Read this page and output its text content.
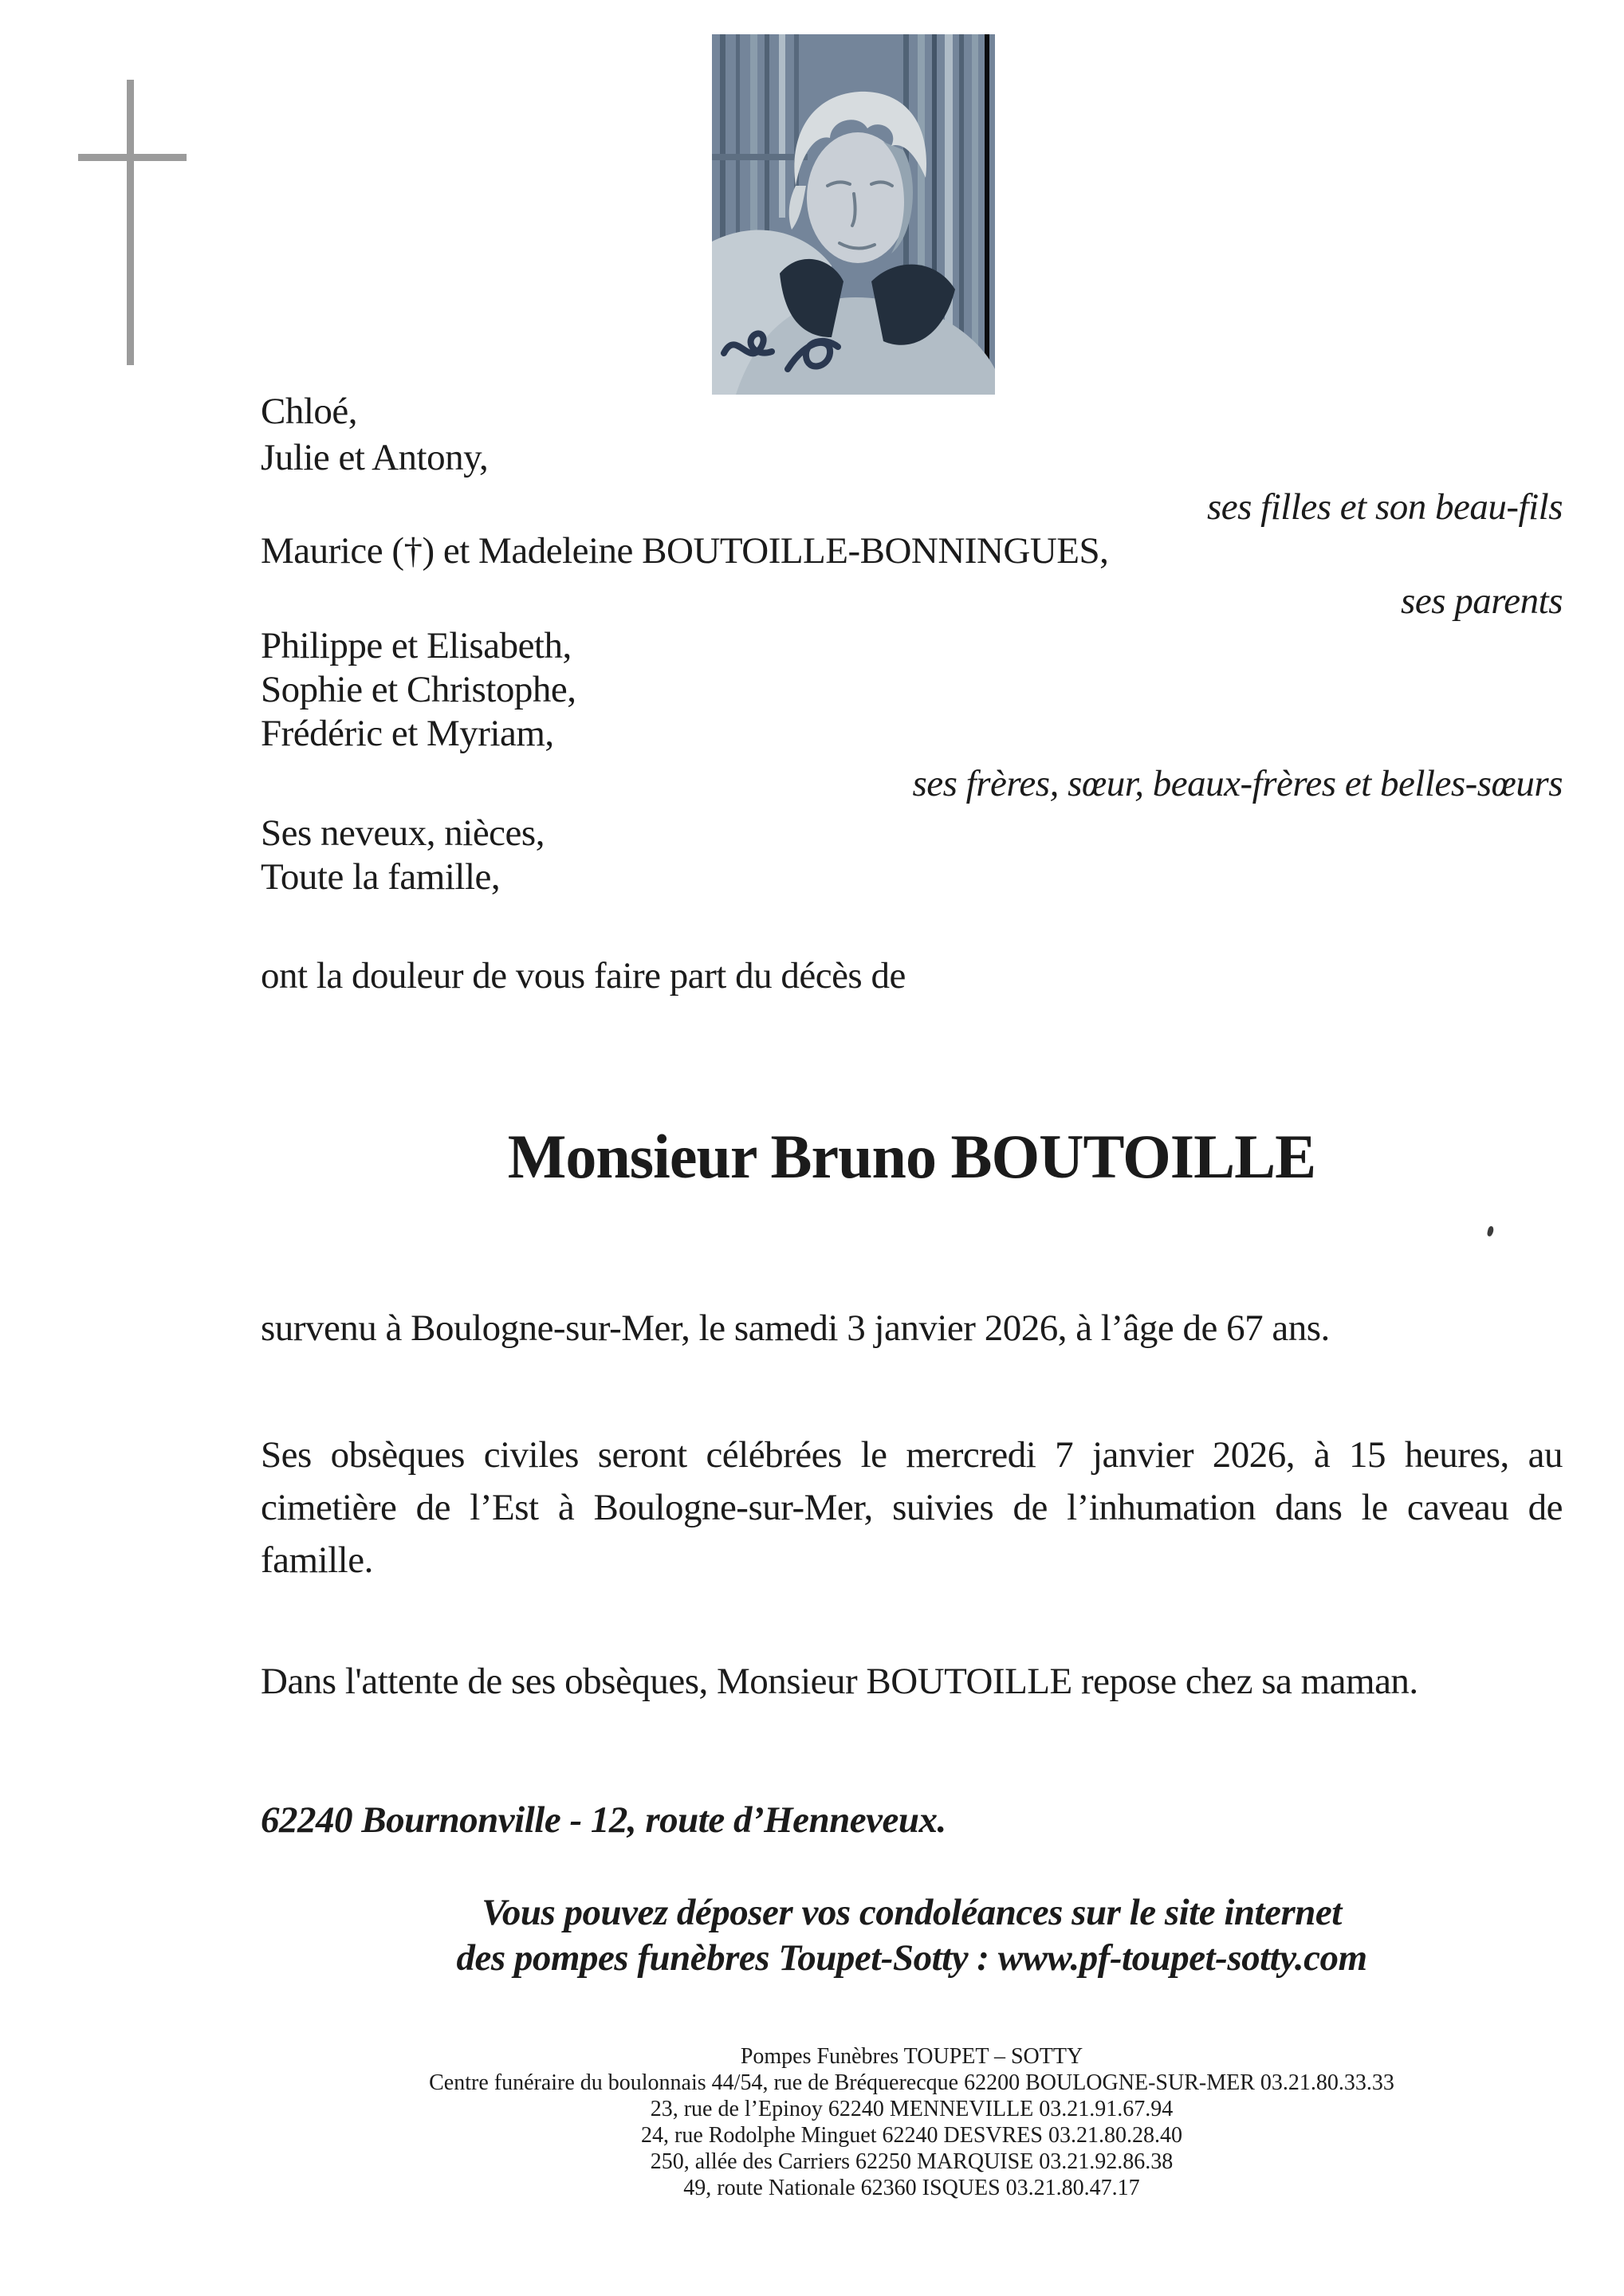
Chloé,
Julie et Antony,
ses filles et son beau-fils
Maurice (†) et Madeleine BOUTOILLE-BONNINGUES,
ses parents
Philippe et Elisabeth,
Sophie et Christophe,
Frédéric et Myriam,
ses frères, sœur, beaux-frères et belles-sœurs
Ses neveux, nièces,
Toute la famille,
ont la douleur de vous faire part du décès de
Monsieur Bruno BOUTOILLE
survenu à Boulogne-sur-Mer, le samedi 3 janvier 2026, à l’âge de 67 ans.
Ses obsèques civiles seront célébrées le mercredi 7 janvier 2026, à 15 heures, au cimetière de l’Est à Boulogne-sur-Mer, suivies de l’inhumation dans le caveau de famille.
Dans l'attente de ses obsèques, Monsieur BOUTOILLE repose chez sa maman.
62240 Bournonville - 12, route d’Henneveux.
Vous pouvez déposer vos condoléances sur le site internet
des pompes funèbres Toupet-Sotty : www.pf-toupet-sotty.com
Pompes Funèbres TOUPET – SOTTY
Centre funéraire du boulonnais 44/54, rue de Bréquerecque 62200 BOULOGNE-SUR-MER 03.21.80.33.33
23, rue de l’Epinoy 62240 MENNEVILLE 03.21.91.67.94
24, rue Rodolphe Minguet 62240 DESVRES 03.21.80.28.40
250, allée des Carriers 62250 MARQUISE 03.21.92.86.38
49, route Nationale 62360 ISQUES 03.21.80.47.17
